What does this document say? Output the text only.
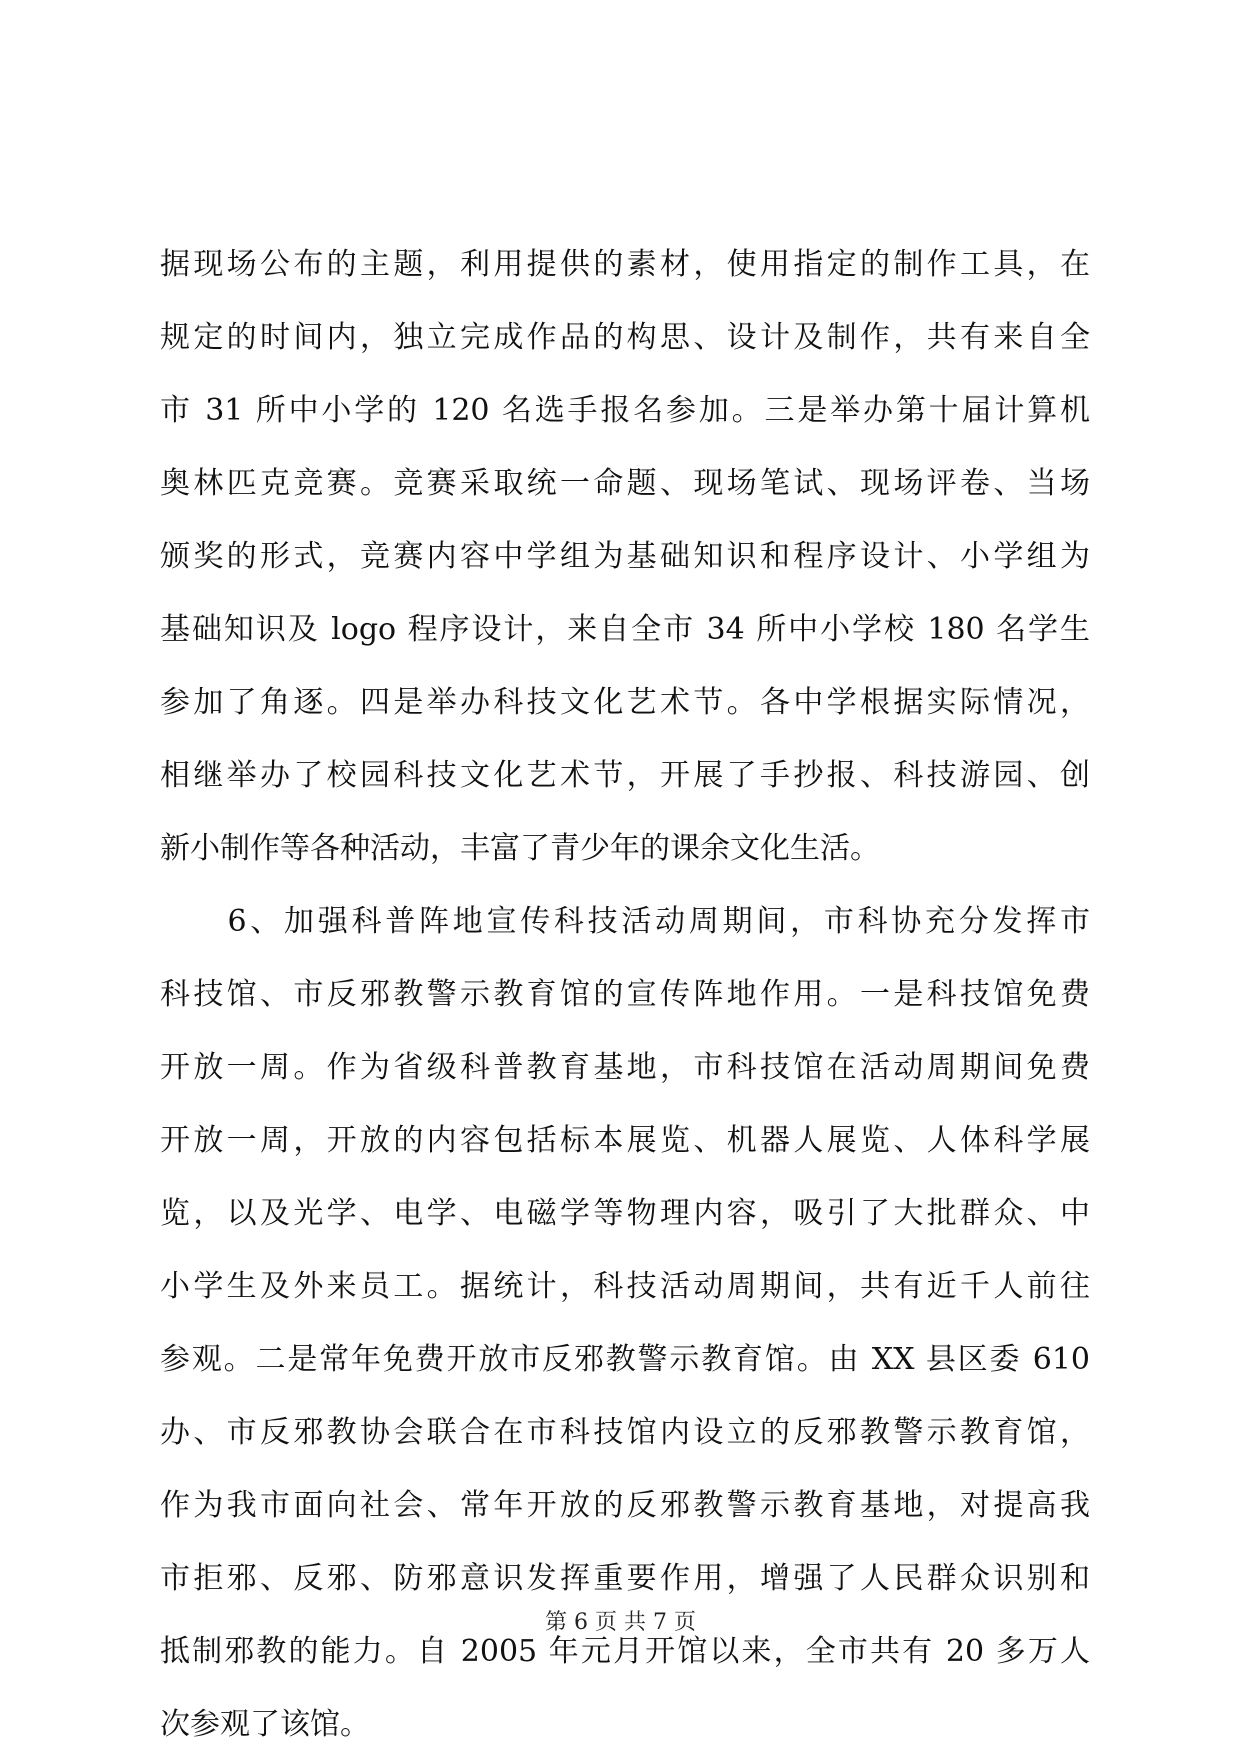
据现场公布的主题，利用提供的素材，使用指定的制作工具，在
规定的时间内，独立完成作品的构思、设计及制作，共有来自全
市 31 所中小学的 120 名选手报名参加。三是举办第十届计算机
奥林匹克竞赛。竞赛采取统一命题、现场笔试、现场评卷、当场
颁奖的形式，竞赛内容中学组为基础知识和程序设计、小学组为
基础知识及 logo 程序设计，来自全市 34 所中小学校 180 名学生
参加了角逐。四是举办科技文化艺术节。各中学根据实际情况，
相继举办了校园科技文化艺术节，开展了手抄报、科技游园、创
新小制作等各种活动，丰富了青少年的课余文化生活。
　　6、加强科普阵地宣传科技活动周期间，市科协充分发挥市
科技馆、市反邪教警示教育馆的宣传阵地作用。一是科技馆免费
开放一周。作为省级科普教育基地，市科技馆在活动周期间免费
开放一周，开放的内容包括标本展览、机器人展览、人体科学展
览，以及光学、电学、电磁学等物理内容，吸引了大批群众、中
小学生及外来员工。据统计，科技活动周期间，共有近千人前往
参观。二是常年免费开放市反邪教警示教育馆。由 XX 县区委 610
办、市反邪教协会联合在市科技馆内设立的反邪教警示教育馆，
作为我市面向社会、常年开放的反邪教警示教育基地，对提高我
市拒邪、反邪、防邪意识发挥重要作用，增强了人民群众识别和
抵制邪教的能力。自 2005 年元月开馆以来，全市共有 20 多万人
次参观了该馆。
第 6 页 共 7 页
